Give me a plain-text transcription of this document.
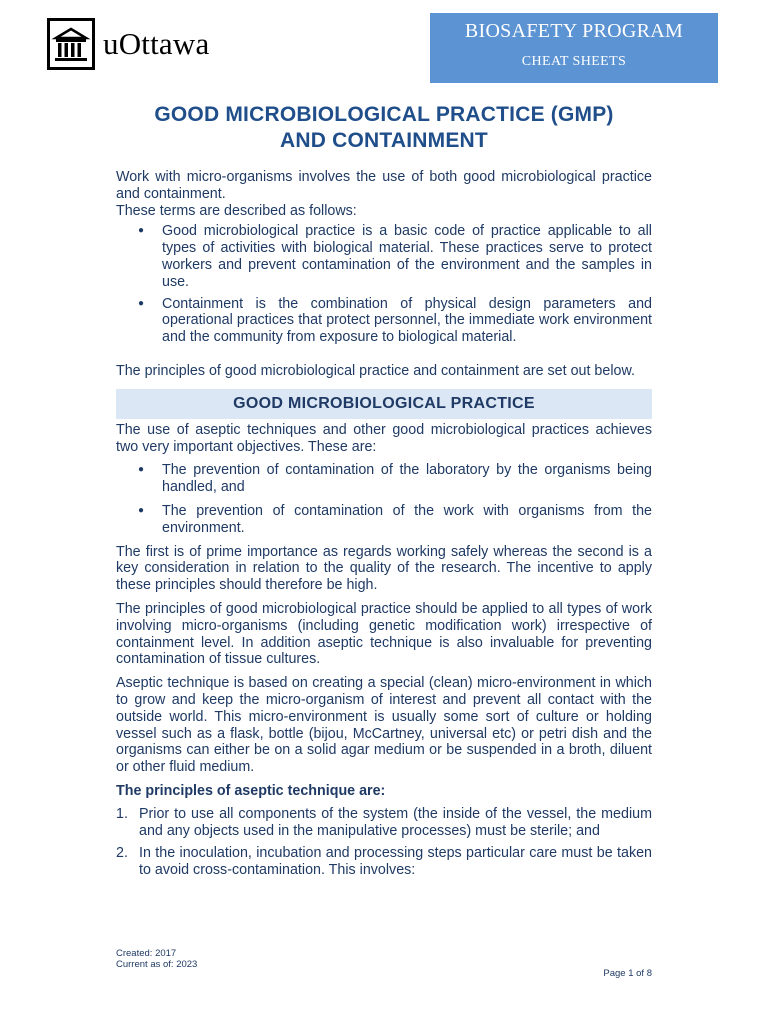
uOttawa	BIOSAFETY PROGRAM
CHEAT SHEETS
GOOD MICROBIOLOGICAL PRACTICE (GMP)
AND CONTAINMENT

Work with micro-organisms involves the use of both good microbiological practice and containment.

These terms are described as follows:

● Good microbiological practice is a basic code of practice applicable to all types of activities with biological material. These practices serve to protect workers and prevent contamination of the environment and the samples in use.
● Containment is the combination of physical design parameters and operational practices that protect personnel, the immediate work environment and the community from exposure to biological material.

The principles of good microbiological practice and containment are set out below.

GOOD MICROBIOLOGICAL PRACTICE

The use of aseptic techniques and other good microbiological practices achieves two very important objectives. These are:

● The prevention of contamination of the laboratory by the organisms being handled, and
● The prevention of contamination of the work with organisms from the environment.

The first is of prime importance as regards working safely whereas the second is a key consideration in relation to the quality of the research. The incentive to apply these principles should therefore be high.

The principles of good microbiological practice should be applied to all types of work involving micro-organisms (including genetic modification work) irrespective of containment level. In addition aseptic technique is also invaluable for preventing contamination of tissue cultures.

Aseptic technique is based on creating a special (clean) micro-environment in which to grow and keep the micro-organism of interest and prevent all contact with the outside world. This micro-environment is usually some sort of culture or holding vessel such as a flask, bottle (bijou, McCartney, universal etc) or petri dish and the organisms can either be on a solid agar medium or be suspended in a broth, diluent or other fluid medium.

The principles of aseptic technique are:

1. Prior to use all components of the system (the inside of the vessel, the medium and any objects used in the manipulative processes) must be sterile; and
2. In the inoculation, incubation and processing steps particular care must be taken to avoid cross-contamination. This involves:
Created: 2017
Current as of: 2023
Page 1 of 8
